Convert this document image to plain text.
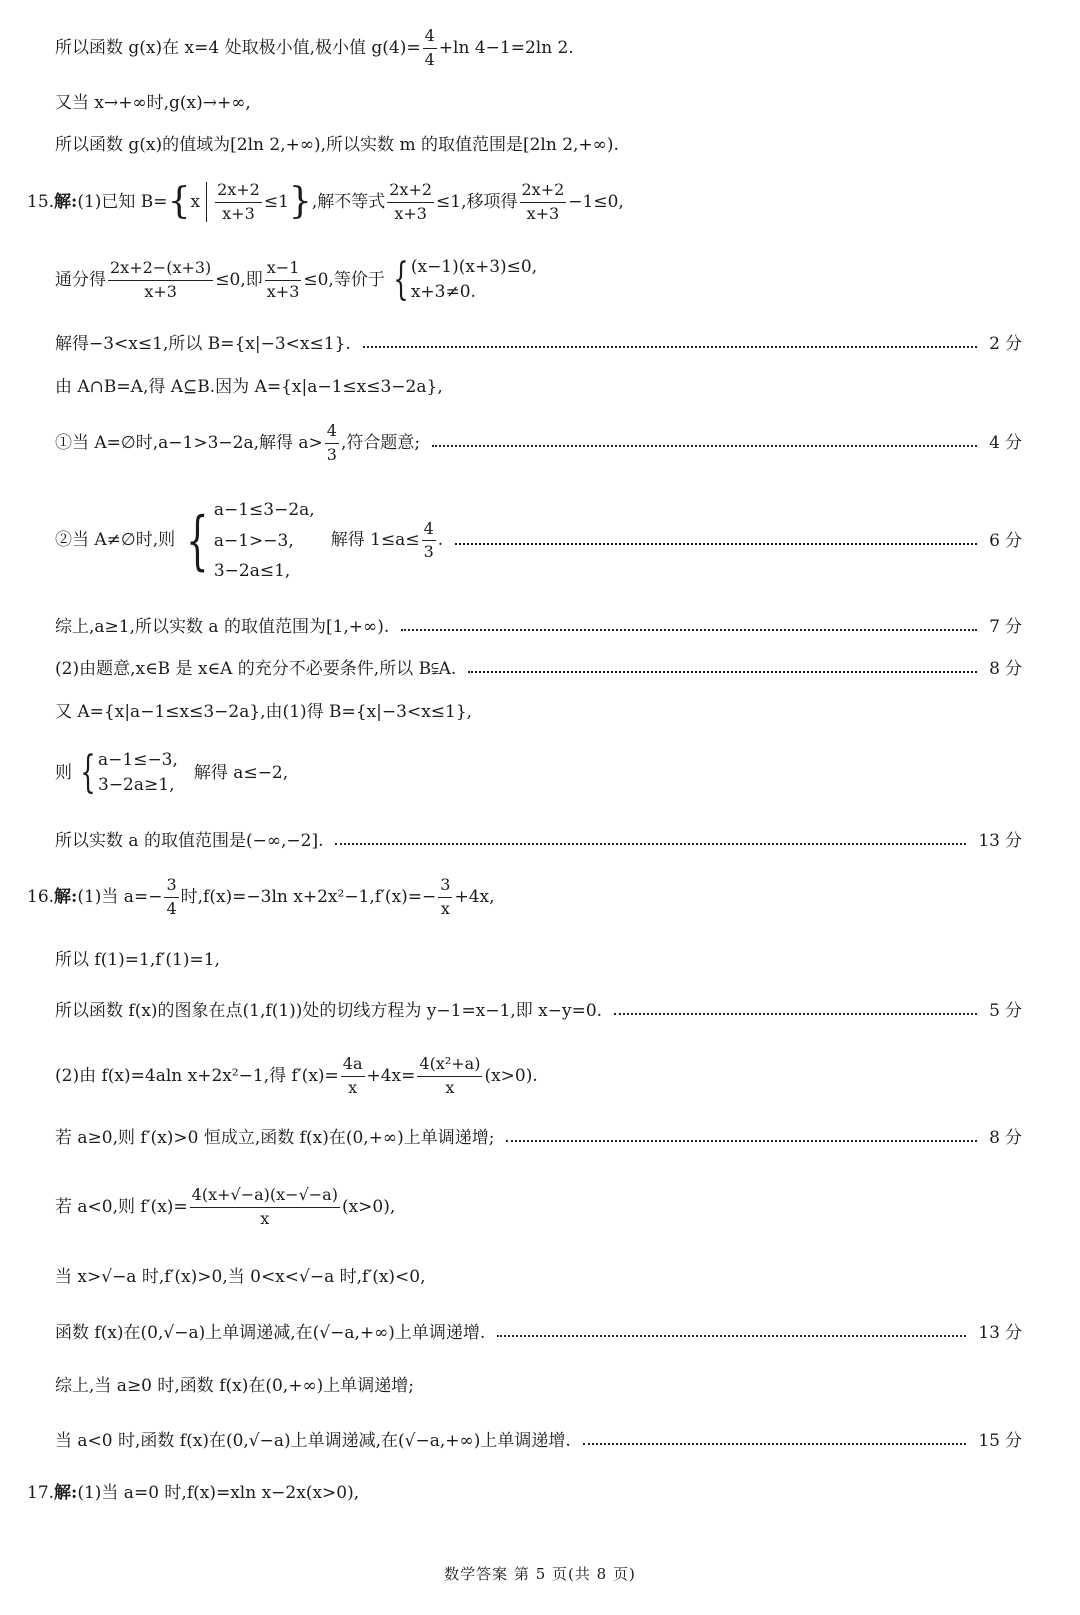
所以函数 g(x)在 x=4 处取极小值,极小值 $g(4)= \frac{4}{4} +\ln$ 4−1=2ln 2.
又当 x→+∞时,g(x)→+∞,
所以函数 g(x)的值域为[2ln 2,+∞),所以实数 m 的取值范围是[2ln 2,+∞).
15. 解: (1)已知 B= { x $\frac{2x+2}{x+3} \le 1$ } ,解不等式 $\frac{2x+2}{x+3} \le 1$,移项得 $\frac{2x+2}{x+3} -1\le 0$,
通分得 $\frac{2x+2-(x+3)}{x+3} \le 0$,即 $\frac{x-1}{x+3} \le 0$,等价于 { (x−1)(x+3)≤0,
x+3≠0.
解得−3<x≤1,所以 B={x|−3<x≤1}.	2 分
由 A∩B=A,得 A⊆B.因为 A={x|a−1≤x≤3−2a},
①当 A=∅时,a−1>3−2a,解得 $a> \frac{4}{3}$ ,符合题意;	4 分
②当 A≠∅时,则 { a−1≤3−2a,
a−1>−3,
3−2a≤1,
解得 $1\le a\le \frac{4}{3}$ .	6 分
综上,a≥1,所以实数 a 的取值范围为[1,+∞).	7 分
(2)由题意,x∈B 是 x∈A 的充分不必要条件,所以 B⫋A.	8 分
又 A={x|a−1≤x≤3−2a},由(1)得 B={x|−3<x≤1},
则 { a−1≤−3,
3−2a≥1,
解得 a≤−2,
所以实数 a 的取值范围是(−∞,−2].	13 分
16. 解: (1)当 $a=- \frac{3}{4}$ 时,f(x)=−3ln $x+2x^2-1,f'(x)=- \frac{3}{x} +4x$,
所以 f(1)=1,f′(1)=1,
所以函数 f(x)的图象在点(1,f(1))处的切线方程为 y−1=x−1,即 x−y=0.	5 分
(2)由 f(x)=4aln x+2x²−1,得 $f'(x)= \frac{4a}{x} +4x= \frac{\text{4(x²+a)}}{x} (x>0)$.
若 a≥0,则 f′(x)>0 恒成立,函数 f(x)在(0,+∞)上单调递增;	8 分
若 a<0,则 $f'(x)= \frac{4(x+√-a)(x-√-a)}{x} (x>0)$,
当 x>√−a 时,f′(x)>0,当 0<x<√−a 时,f′(x)<0,
函数 f(x)在(0,√−a)上单调递减,在(√−a,+∞)上单调递增.	13 分
综上,当 a≥0 时,函数 f(x)在(0,+∞)上单调递增;
当 a<0 时,函数 f(x)在(0,√−a)上单调递减,在(√−a,+∞)上单调递增.	15 分
17. 解: (1)当 a=0 时,f(x)=xln x−2x(x>0),
数学答案 第 5 页(共 8 页)
